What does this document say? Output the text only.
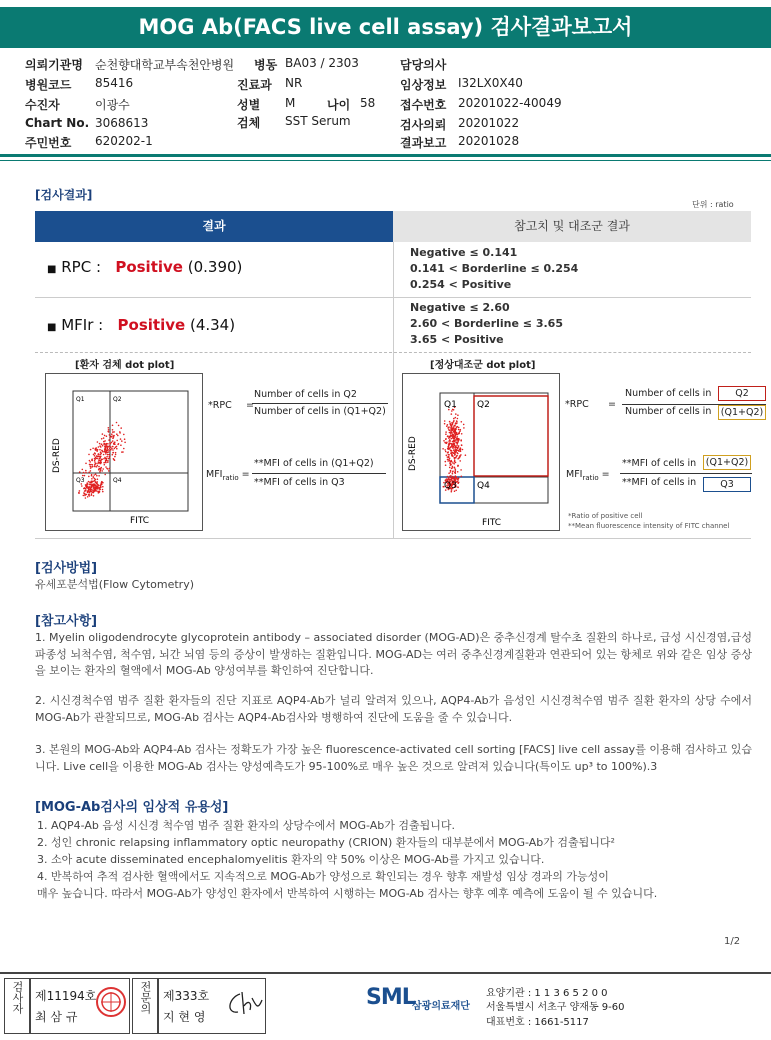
MOG Ab(FACS live cell assay) 검사결과보고서
의뢰기관명 순천향대학교부속천안병원 병동 BA03 / 2303	담당의사
병원코드 85416	진료과 NR	임상정보 I32LX0X40
수진자	이광수	성별 M	나이 58 접수번호 20201022-40049
Chart No. 3068613	검체 SST Serum	검사의뢰 20201022
주민번호 620202-1	결과보고 20201028
[검사결과]
단위 : ratio
결과	참고치 및 대조군 결과
■ RPC :   Positive (0.390)
Negative ≤ 0.141
0.141 < Borderline ≤ 0.254
0.254 < Positive
■ MFIr :   Positive (4.34)
Negative ≤ 2.60
2.60 < Borderline ≤ 3.65
3.65 < Positive
[환자 검체 dot plot]	[정상대조군 dot plot]
Q1	Q2
Q3	Q4
FITC
DS-RED
*RPC =
Number of cells in Q2
Number of cells in (Q1+Q2)
$MFI_{ratio}$ =
**MFI of cells in (Q1+Q2)
**MFI of cells in Q3
Q1 Q2
Q3 Q4
FITC
DS-RED
*RPC =
Number of cells in	Q2
Number of cells in (Q1+Q2)
$MFI_{ratio}$ =
**MFI of cells in (Q1+Q2)
**MFI of cells in	Q3
*Ratio of positive cell
**Mean fluorescence intensity of FITC channel
[검사방법]
유세포분석법(Flow Cytometry)
[참고사항]
1. Myelin oligodendrocyte glycoprotein antibody – associated disorder (MOG-AD)은 중추신경계 탈수초 질환의 하나로, 급성 시신경염,급성파종성 뇌척수염, 척수염, 뇌간 뇌염 등의 증상이 발생하는 질환입니다. MOG-AD는 여러 중추신경계질환과 연관되어 있는 항체로 위와 같은 임상 증상을 보이는 환자의 혈액에서 MOG-Ab 양성여부를 확인하여 진단합니다.
2. 시신경척수염 범주 질환 환자들의 진단 지표로 AQP4-Ab가 널리 알려져 있으나, AQP4-Ab가 음성인 시신경척수염 범주 질환 환자의 상당 수에서 MOG-Ab가 관찰되므로, MOG-Ab 검사는 AQP4-Ab검사와 병행하여 진단에 도움을 줄 수 있습니다.
3. 본원의 MOG-Ab와 AQP4-Ab 검사는 정확도가 가장 높은 fluorescence-activated cell sorting [FACS] live cell assay를 이용해 검사하고 있습니다. Live cell을 이용한 MOG-Ab 검사는 양성예측도가 95-100%로 매우 높은 것으로 알려져 있습니다(특이도 up³ to 100%).3
[MOG-Ab검사의 임상적 유용성]
1. AQP4-Ab 음성 시신경 척수염 범주 질환 환자의 상당수에서 MOG-Ab가 검출됩니다.
2. 성인 chronic relapsing inflammatory optic neuropathy (CRION) 환자들의 대부분에서 MOG-Ab가 검출됩니다²
3. 소아 acute disseminated encephalomyelitis 환자의 약 50% 이상은 MOG-Ab를 가지고 있습니다.
4. 반복하여 추적 검사한 혈액에서도 지속적으로 MOG-Ab가 양성으로 확인되는 경우 향후 재발성 임상 경과의 가능성이
매우 높습니다. 따라서 MOG-Ab가 양성인 환자에서 반복하여 시행하는 MOG-Ab 검사는 향후 예후 예측에 도움이 될 수 있습니다.
1/2
검사자 제11194호
최 삼 규
전문의 제333호
지 현 영
SML
삼광의료재단
요양기관 : 1 1 3 6 5 2 0 0
서울특별시 서초구 양재동 9-60
대표번호 : 1661-5117
